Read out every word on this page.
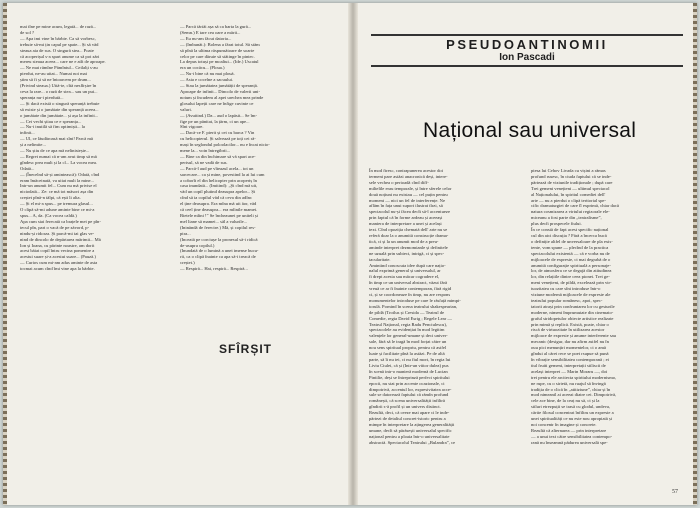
mai tîne pe mine acum, legată... de rază...
de sol ?
— Apa imi vine în bărbie. Ca să vorbesc,
trebuie să-mi țin capul pe spate... Și să văd
steaua aia de sus. O singură stea... Poate
că acoperișul s-a spart anume ca să pot zări
mereu steaua aceea... care ne e atît de aproape.
— Ne mai rămîne Pămîntul... Ceilalți s-au
pierdut, ne-au uitat... Numai noi mai
știm să fi și să ne întoarcem pe drum...
(Privind steaua.) Uită-te, cîtă nesfîrșire în
ceva la rare... o rază de stea... sau un pui...
speranța nu-i pierdută...
— Și dacă există o singură speranță trebuie
să existe și o jumătate din speranță aceea...
o jumătate din jumătate... și așa la infinit...
— Cei vechi știau ce e speranța...
— Nu-i inutilă să fim optimiști... la
infinit...
— Ul, ce lăudăroasă mai sînt! Parcă mă
și a nelimite...
— Nu știu de ce apa mă nelinistește...
— Regret numai că n-am avut timp să mă
gîndesc prea mult și la cl... La vocea mea.
Odată...
— (Înecelnd să-și amintească): Odată, cînd
eram îmăceinată, va uitat mult la mine...
Intr-un anumit fel... Cum nu mă privise el
niciodată... Ze: ce mă tot măsori așa din
creștet pînă-n tălpi, că ești li alta.
— Și el mi-a spus... pe tremura glasul...
O clipă să-mi adune aminte bine ce mi-a
spus... A, da. (Ca vocea caldă.)
Apa cum stai ferecată ca brațele mei pe pîn-
tecul pîn, pari o vacă de pe zăvord, p-
nindu-și ridorza. Și parcă-mi tai glas ve-
nind de dincolo de depărtarea mărimii... Mă
Ion și Ioana, cu părinte noastre, am dorit
acest băiat copil întru vecina pomenire a
acestui suare și-a acestui suare... (Pauză.)
— Curios cum mi-am adus aminte de asta
tocmai acum cînd îmi vine apa la bărbie.
— Parcă tăriăi așa să ca barta la gură...
(Semn.) E tare cea oare a mării...
— Eu nu-am făcut datoria...
— (Imbunăt.): Bolena a fărat totul. Să stăm
să pînă la ultima răspunsătoare de soarte
celor pe care dăruie să stătinge în pintec.
La depus totuși pe moaltui... (Ide.) Uscatul
era un cocăcu... (Ploua.)
— Nu-i bine că nu mai plouă.
— Asta e cocelne a sacuului.
— Stau la jumătatea jumătății de speranță.
Aproape de infinit... Dincolo de valerii uni-
notum și încudem al apei urechea mea prinde
glosului lapeții care ne înfige cuvinte ce
valuri.
— (Avuitind.) Da... aud o lapăsit... Se îm-
fige pe un pănitat, la țărm, ci un ape...
Sînt vigoare.
— Dacă-ce F. pierit și cei cu barca ? Vin
cu helicopterul. Și salvează pe toți cei ră-
mași în seglondul poloolacilor... nu e încat nicio-
mene la... voin întregibrii...
— Bine ca din închimare să vă spart ace-
perisul, să ne vadă de sus.
— Parcă-l aud pe vîteazul acela... tot un
sarcecare... ca și mine, povestind la ai lui cum
a coborît el din helicopter prin acoperiș în
casa inundată... (Imitind): „Și cînd mă uit,
văd un copil plutind deasupra apelor... Și
cînd să ia copilul văd că ceva din adînc
el ține deasupra. Era mîna mă uit ăor, văd
că ceel ține deasupra... era mîinile mamei.
Bietele mîini !” Se încheaunei pe uniteli și
mel liane să mamei... săl a valurile...
(Ininăndă de ferecire.) Mă, și copilul res-
pira...
(Inceată pe corciușe la pronesul să-i ridică
de-asupra copilul.)
(Inundată de o lumină a unei imense bucu-
rii, ca o clipă înainte ca apa să-i treacă de
creștet.)
— Respiră... Hai, respiră... Respiră...
SFÎRȘIT
PSEUDOANTINOMII
Ion Pascadi
Național sau universal
În mod firesc, contrapunerea acestor doi
termeni pare astăzi anacronică deși, intere-
sele vechea o perioadă cînd diff-
miltelile erau temporale, și între sferele celor
două noțiuni nu existau — cel puțin pentru
moment — nici un fel de interferențe. Ne
aflăm în fața unui suport ilustrat tîrzi, să
spectacolul nu-și făcea decît să-l accentueze
prin faptul că în forme ardeau și aceeași
maniera de interpretare a unei și același
text. Cînd opoziția chemată dell' arte nu se
referă doar la o anumită construcție drama-
tică, ci și la un anumit mod de a preu-
aminde interpret dezmomianle și definitele
ne uzuală prin subiect, intrigă, ci și spec-
tacularitate.
Amintind conoscuta idee după care națio-
nalul exprimă general și universalul, ar
fi drept acesta sau măcar cogradere el,
în timp ce un universal abstract, văzut fără
vreuă ce ar fi înainte contemporan, fără rigid
ci, și se coordoneaze în timp, nu are respons
monumentelor introduse pe care le răsfață mimpi-
torulă. Pornind în scena teatrului shakespearian,
de pildă (Troilus și Cresida — Teatrul de
Comedie, regia David Esrig ; Regele Lear —
Teatrul Național, regia Radu Penciulescu),
spectacolele au evidențiat în mod legitim
valențele lor general-umane și deci univer-
sale, fără să le tragă în mod forțat către un
nou sens spiritual propriu, pentru că astfel
luate și facilitate pînă la astăzi. Pe de altă
parte, să îi nu iei, ci nu fiul mort, în regia lui
Liviu Ciulei, că și (Intr-un viitor dulea) pus
în scenă intr-o manieră modernă de Lucian
Pintilie, deși se întreprinză perfect spiritului
epocii, nu stat prin accente ocazionale, ci
dimpotrivă, accentul lor, expresivitatea acce-
sule se datorează faptului că rămîn profund
românești, că scena universalității infiltră
gîndirii s-ă profil și un univers distinct.
Rezultă, deci, că ceeze mai apare ci le inde-
părtezi de detaliul concret-istoric pentru a
mimpe în interpretare la ațingerea generalității
umane, decît să părăsești universalul specific
național pentru a ploaia într-o universalitate
abstractă. Spectacolul Teatrului „Bulandra”, ce
piesa lui Cehov Livada cu vișini a rămas
profund rusesc, în ciuda faptului că se inde-
părtează de viziunile tradiționale ; după care
Trei gemeni venețieni — ultimul spectacol
al Naționalului, în spiritul comediei dell'
arte — nu a pierdut o clipă teritorial spe-
cific dramaturgiei de care îl exprimă, chiar dacă
natura cosmizarea a virtului regizorale ele-
miceanu a fost parte din „teatralisme”,
plus decît prospecele fiului.
În ce constă de fapt acest specific național
cul din aici discuția ? Fără a încerca bucă
o definiție altfel de unversaloare de pla exis-
tente, vom spune — plecînd de la practica
spectacolului existentă — că e vorba nu de
mijloacele de expresie, ci mai degrabă de o
anumită configurație spirituală a personaje-
lor, de atmosfera ce se degajă din atitudinea
lor, din relațiile dintre ceea pionei. Trei ge-
meni venețieni, de pildă, excelează prin vir-
tuozitatea cu care sînt introduse într-o
viziune modernă mijloacele de expresie ale
teatrului popular românesc, apoi, spec-
tatorii atrași prin confruntarea lor cu gesturile
moderne, nimeni împrumutate din cinemato-
graful stridopetulor obiecte artistice realizate
prin mimă și replică. Există, poate, chiar o
riscă de virtuozitate în utilizarea acestor
mijloace de expresie și anume interferente sau
mecanic (desigur, dar nu afirm astfel nu în
ouu pici menunțiri momentelor, ci o amă
gîndui al cărei rece se poet rsupue să pună
în vibrație sensibilitatea contemporană ; ei
tiul fruiti gemeni, interpretații stiliscii de
același interpret — Marin Moraru —, doi
trei pentru ele arcitecta spiritului modernismo,
ne rupe, cu o sirietă, nu ruajul să învingă
tradiția de o clică în „atitiziune”, chiar și în
mod nimeanil ai aceeai diatre cei. Dimpotrivă,
cele ace bine, de la ceaț nu să, ci și la
stiluri etrezpuții se trasă cu glodul, undeva,
cărtie filosul concentrat înfiltru un expresie a
unei spiritualități ce nu este nou apropiată și
noi concentr în imagine și concrete.
Rezultă că alternarea — prin interpretare
— a unui text către sensibilitatea contempo-
rană nu înseamnă pădurea universală spe-
57
